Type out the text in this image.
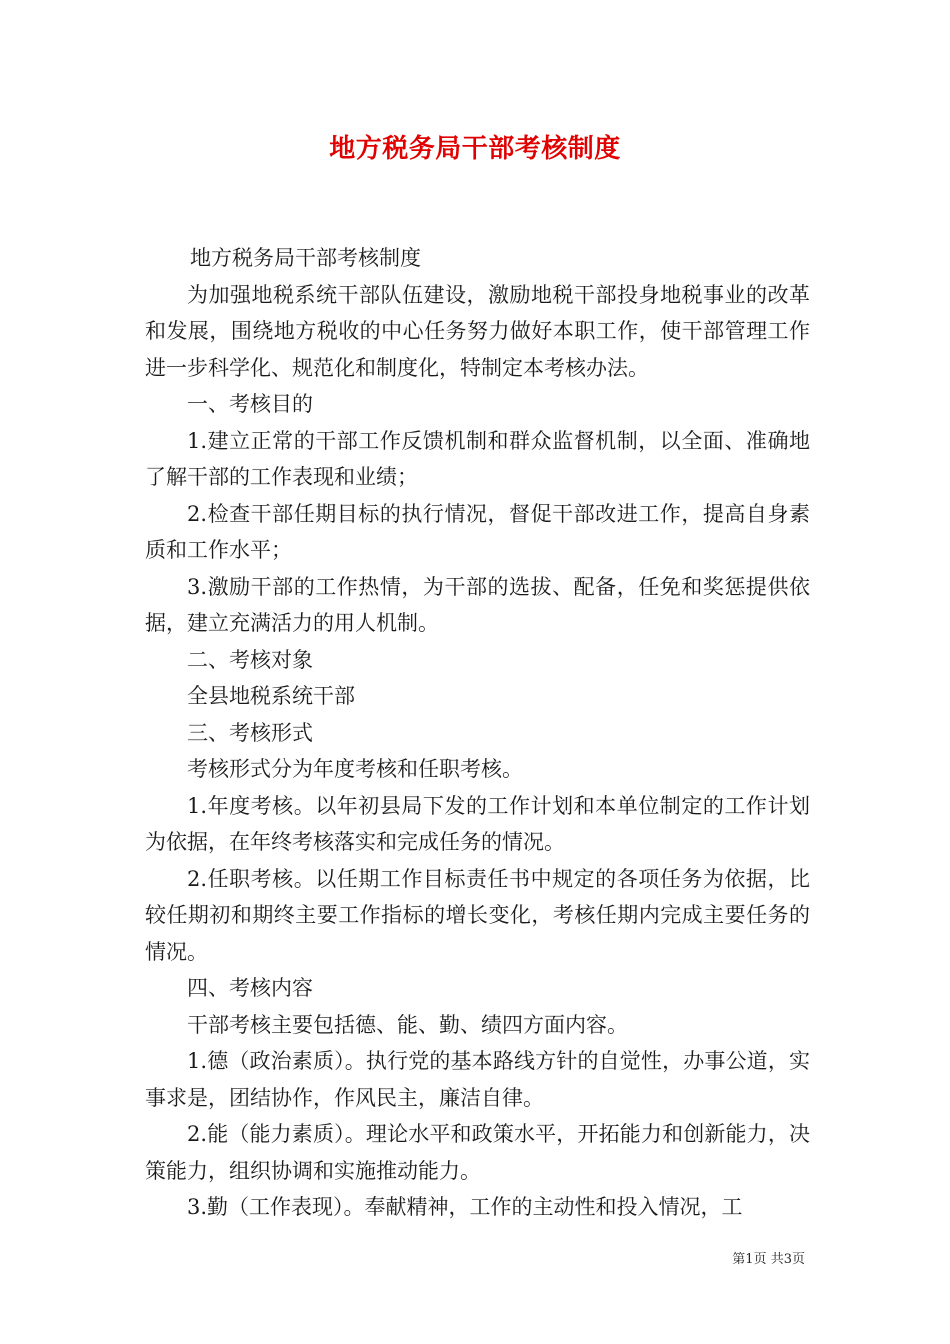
地方税务局干部考核制度

地方税务局干部考核制度

为加强地税系统干部队伍建设，激励地税干部投身地税事业的改革和发展，围绕地方税收的中心任务努力做好本职工作，使干部管理工作进一步科学化、规范化和制度化，特制定本考核办法。

一、考核目的

1.建立正常的干部工作反馈机制和群众监督机制，以全面、准确地了解干部的工作表现和业绩；

2.检查干部任期目标的执行情况，督促干部改进工作，提高自身素质和工作水平；

3.激励干部的工作热情，为干部的选拔、配备，任免和奖惩提供依据，建立充满活力的用人机制。

二、考核对象

全县地税系统干部

三、考核形式

考核形式分为年度考核和任职考核。

1.年度考核。以年初县局下发的工作计划和本单位制定的工作计划为依据，在年终考核落实和完成任务的情况。

2.任职考核。以任期工作目标责任书中规定的各项任务为依据，比较任期初和期终主要工作指标的增长变化，考核任期内完成主要任务的情况。

四、考核内容

干部考核主要包括德、能、勤、绩四方面内容。

1.德（政治素质）。执行党的基本路线方针的自觉性，办事公道，实事求是，团结协作，作风民主，廉洁自律。

2.能（能力素质）。理论水平和政策水平，开拓能力和创新能力，决策能力，组织协调和实施推动能力。

3.勤（工作表现）。奉献精神，工作的主动性和投入情况，工

第1页 共3页
